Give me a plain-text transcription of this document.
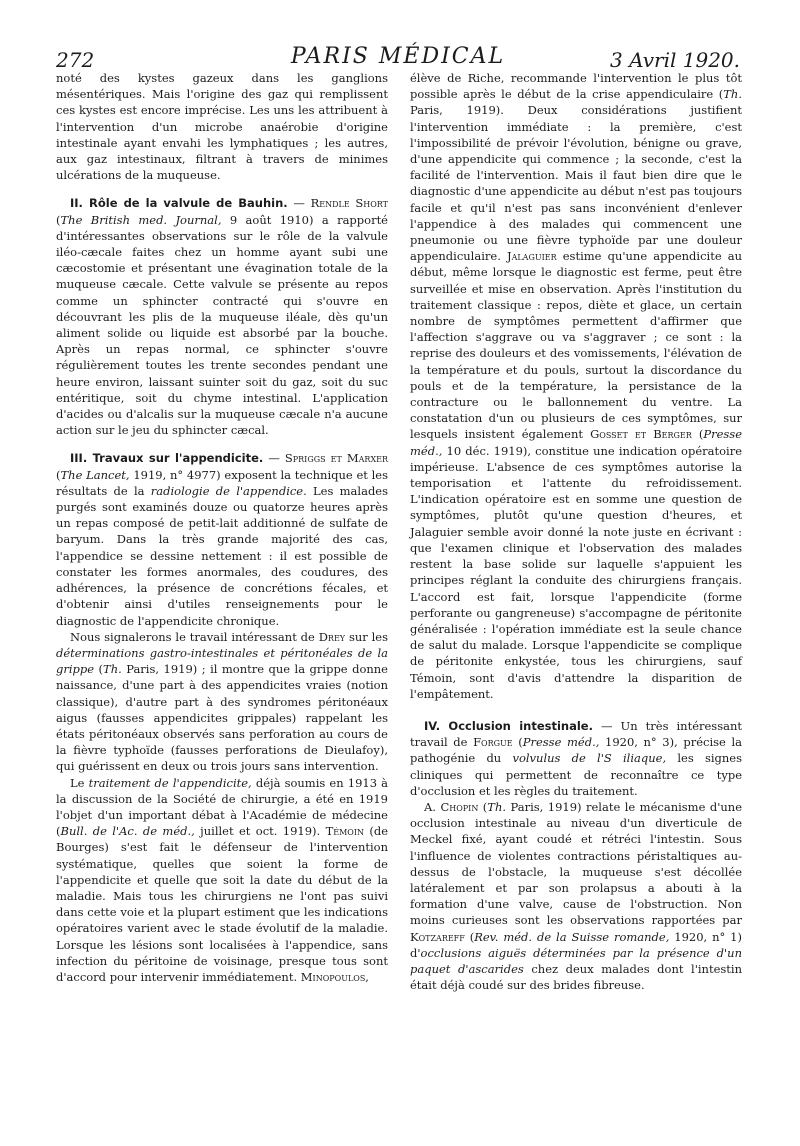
272	PARIS MÉDICAL	3 Avril 1920.

noté des kystes gazeux dans les ganglions mésentériques. Mais l'origine des gaz qui remplissent ces kystes est encore imprécise. Les uns les attribuent à l'intervention d'un microbe anaérobie d'origine intestinale ayant envahi les lymphatiques ; les autres, aux gaz intestinaux, filtrant à travers de minimes ulcérations de la muqueuse.

II. Rôle de la valvule de Bauhin. — Rendle Short (The British med. Journal, 9 août 1910) a rapporté d'intéressantes observations sur le rôle de la valvule iléo-cæcale faites chez un homme ayant subi une cæcostomie et présentant une évagination totale de la muqueuse cæcale. Cette valvule se présente au repos comme un sphincter contracté qui s'ouvre en découvrant les plis de la muqueuse iléale, dès qu'un aliment solide ou liquide est absorbé par la bouche. Après un repas normal, ce sphincter s'ouvre régulièrement toutes les trente secondes pendant une heure environ, laissant suinter soit du gaz, soit du suc entéritique, soit du chyme intestinal. L'application d'acides ou d'alcalis sur la muqueuse cæcale n'a aucune action sur le jeu du sphincter cæcal.

III. Travaux sur l'appendicite. — Spriggs et Marxer (The Lancet, 1919, n° 4977) exposent la technique et les résultats de la radiologie de l'appendice. Les malades purgés sont examinés douze ou quatorze heures après un repas composé de petit-lait additionné de sulfate de baryum. Dans la très grande majorité des cas, l'appendice se dessine nettement : il est possible de constater les formes anormales, des coudures, des adhérences, la présence de concrétions fécales, et d'obtenir ainsi d'utiles renseignements pour le diagnostic de l'appendicite chronique.

Nous signalerons le travail intéressant de Drey sur les déterminations gastro-intestinales et péritonéales de la grippe (Th. Paris, 1919) ; il montre que la grippe donne naissance, d'une part à des appendicites vraies (notion classique), d'autre part à des syndromes péritonéaux aigus (fausses appendicites grippales) rappelant les états péritonéaux observés sans perforation au cours de la fièvre typhoïde (fausses perforations de Dieulafoy), qui guérissent en deux ou trois jours sans intervention.

Le traitement de l'appendicite, déjà soumis en 1913 à la discussion de la Société de chirurgie, a été en 1919 l'objet d'un important débat à l'Académie de médecine (Bull. de l'Ac. de méd., juillet et oct. 1919). Témoin (de Bourges) s'est fait le défenseur de l'intervention systématique, quelles que soient la forme de l'appendicite et quelle que soit la date du début de la maladie. Mais tous les chirurgiens ne l'ont pas suivi dans cette voie et la plupart estiment que les indications opératoires varient avec le stade évolutif de la maladie. Lorsque les lésions sont localisées à l'appendice, sans infection du péritoine de voisinage, presque tous sont d'accord pour intervenir immédiatement. Minopoulos,

élève de Riche, recommande l'intervention le plus tôt possible après le début de la crise appendiculaire (Th. Paris, 1919). Deux considérations justifient l'intervention immédiate : la première, c'est l'impossibilité de prévoir l'évolution, bénigne ou grave, d'une appendicite qui commence ; la seconde, c'est la facilité de l'intervention. Mais il faut bien dire que le diagnostic d'une appendicite au début n'est pas toujours facile et qu'il n'est pas sans inconvénient d'enlever l'appendice à des malades qui commencent une pneumonie ou une fièvre typhoïde par une douleur appendiculaire. Jalaguier estime qu'une appendicite au début, même lorsque le diagnostic est ferme, peut être surveillée et mise en observation. Après l'institution du traitement classique : repos, diète et glace, un certain nombre de symptômes permettent d'affirmer que l'affection s'aggrave ou va s'aggraver ; ce sont : la reprise des douleurs et des vomissements, l'élévation de la température et du pouls, surtout la discordance du pouls et de la température, la persistance de la contracture ou le ballonnement du ventre. La constatation d'un ou plusieurs de ces symptômes, sur lesquels insistent également Gosset et Berger (Presse méd., 10 déc. 1919), constitue une indication opératoire impérieuse. L'absence de ces symptômes autorise la temporisation et l'attente du refroidissement. L'indication opératoire est en somme une question de symptômes, plutôt qu'une question d'heures, et Jalaguier semble avoir donné la note juste en écrivant : que l'examen clinique et l'observation des malades restent la base solide sur laquelle s'appuient les principes réglant la conduite des chirurgiens français. L'accord est fait, lorsque l'appendicite (forme perforante ou gangreneuse) s'accompagne de péritonite généralisée : l'opération immédiate est la seule chance de salut du malade. Lorsque l'appendicite se complique de péritonite enkystée, tous les chirurgiens, sauf Témoin, sont d'avis d'attendre la disparition de l'empâtement.

IV. Occlusion intestinale. — Un très intéressant travail de Forgue (Presse méd., 1920, n° 3), précise la pathogénie du volvulus de l'S iliaque, les signes cliniques qui permettent de reconnaître ce type d'occlusion et les règles du traitement.

A. Chopin (Th. Paris, 1919) relate le mécanisme d'une occlusion intestinale au niveau d'un diverticule de Meckel fixé, ayant coudé et rétréci l'intestin. Sous l'influence de violentes contractions péristaltiques au-dessus de l'obstacle, la muqueuse s'est décollée latéralement et par son prolapsus a abouti à la formation d'une valve, cause de l'obstruction. Non moins curieuses sont les observations rapportées par Kotzareff (Rev. méd. de la Suisse romande, 1920, n° 1) d'occlusions aiguës déterminées par la présence d'un paquet d'ascarides chez deux malades dont l'intestin était déjà coudé sur des brides fibreuse.
